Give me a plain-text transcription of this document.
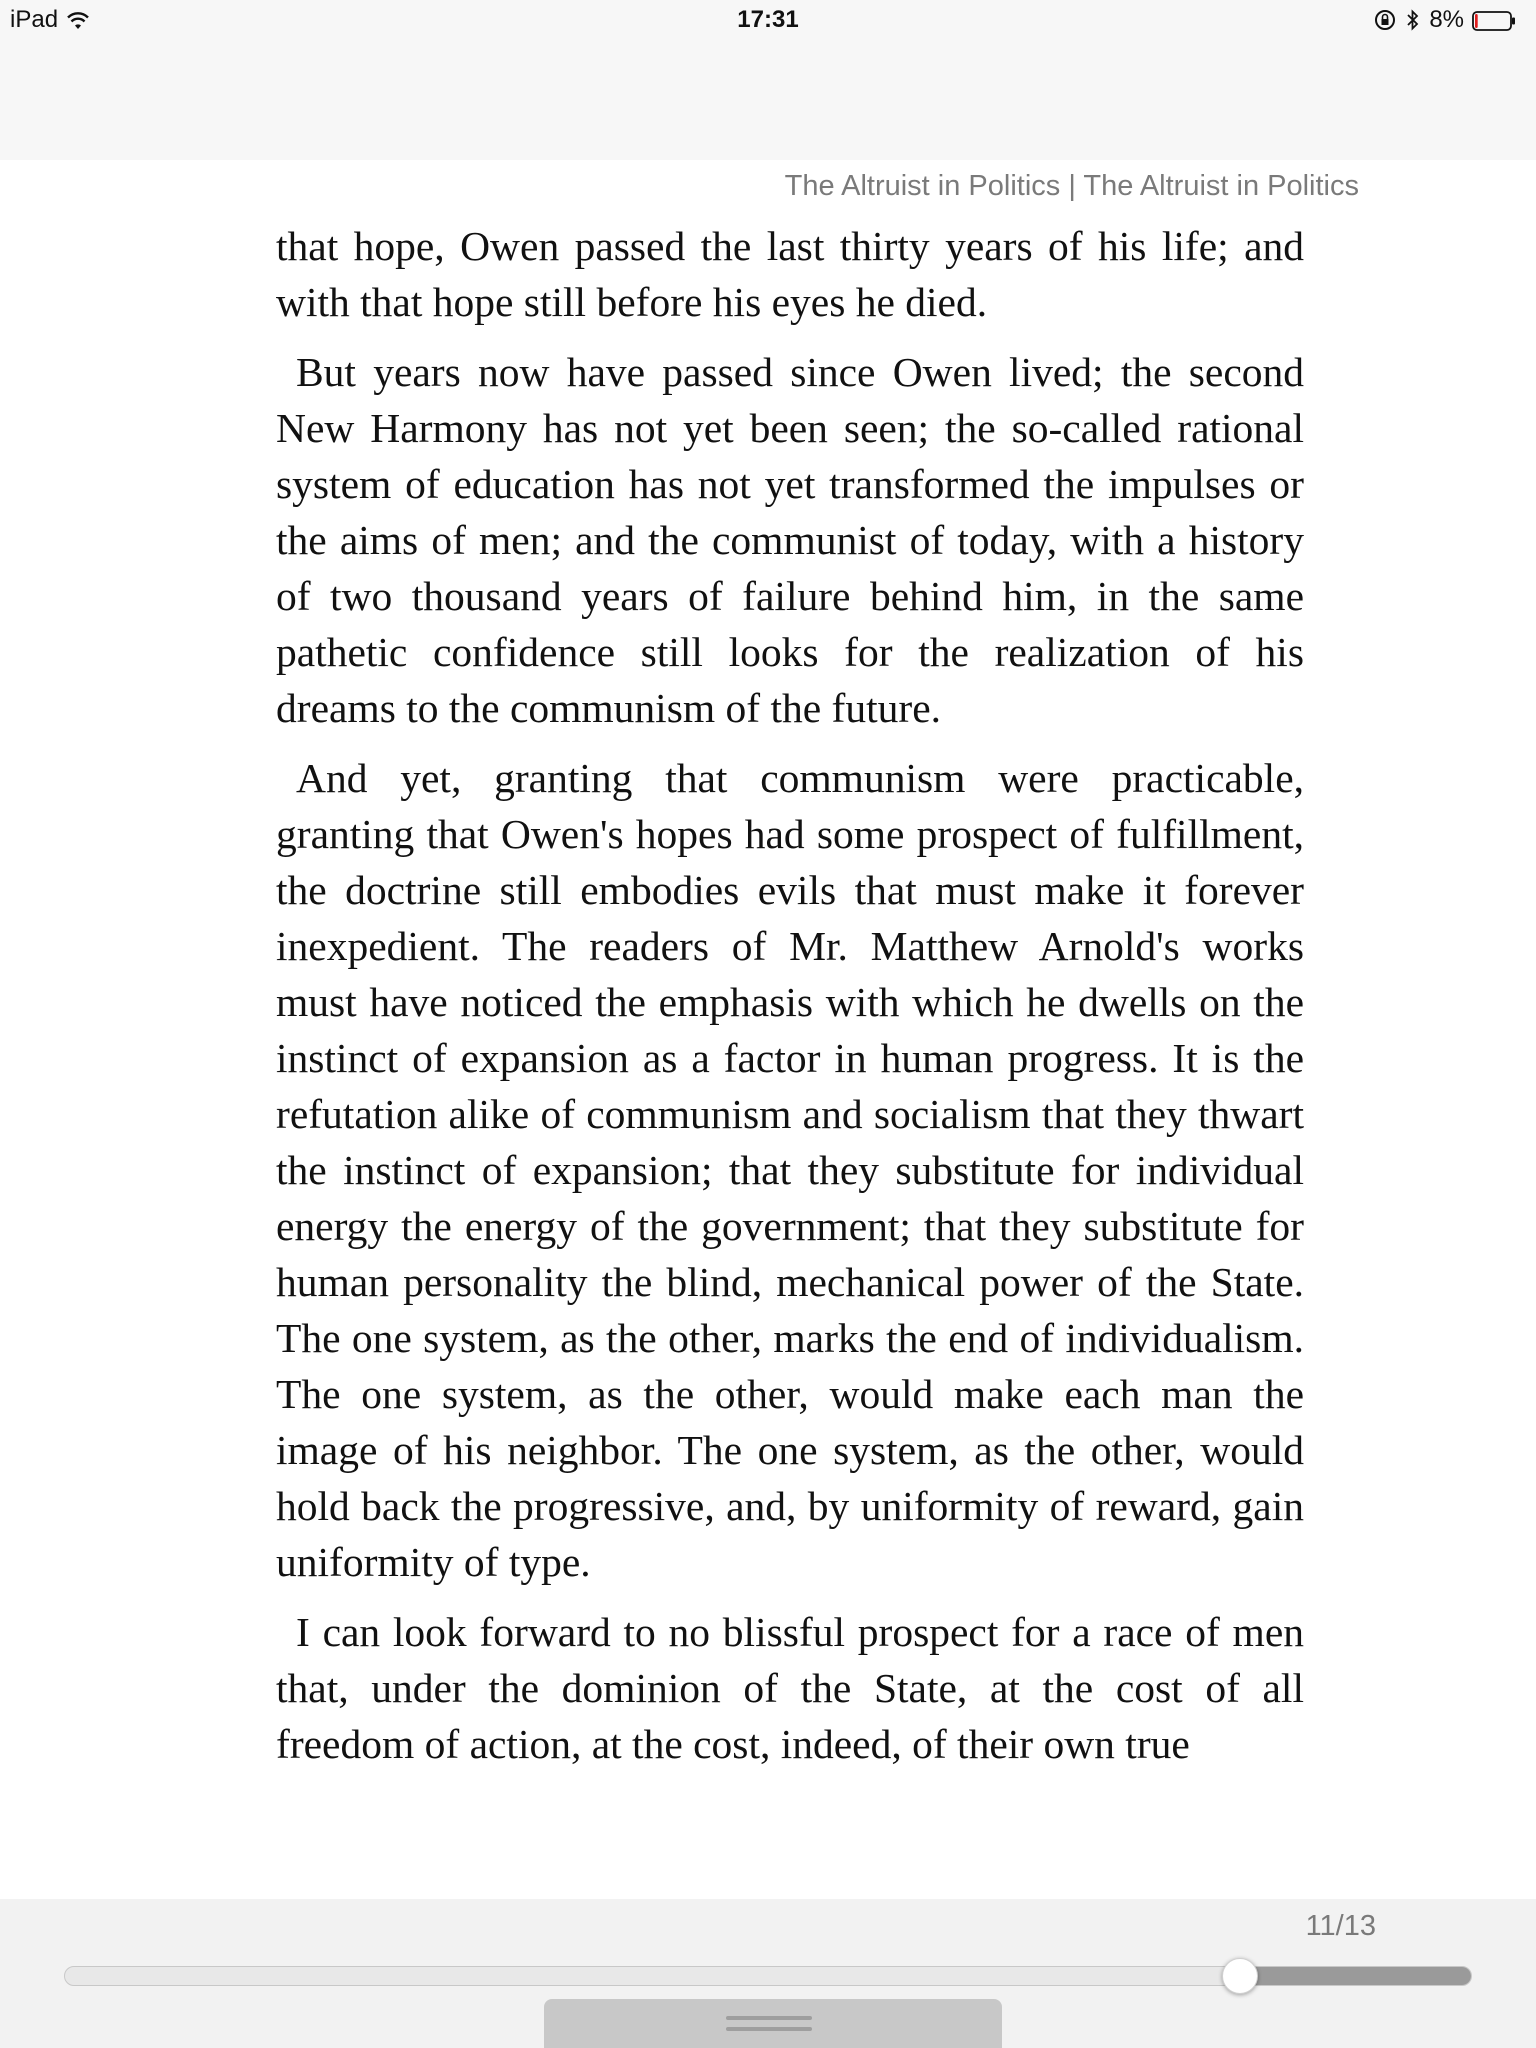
iPad	17:31	8%
The Altruist in Politics | The Altruist in Politics

that hope, Owen passed the last thirty years of his life; and with that hope still before his eyes he died.

But years now have passed since Owen lived; the second New Harmony has not yet been seen; the so-called rational system of education has not yet transformed the impulses or the aims of men; and the communist of today, with a history of two thousand years of failure behind him, in the same pathetic confidence still looks for the realization of his dreams to the communism of the future.

And yet, granting that communism were practicable, granting that Owen's hopes had some prospect of fulfillment, the doctrine still embodies evils that must make it forever inexpedient. The readers of Mr. Matthew Arnold's works must have noticed the emphasis with which he dwells on the instinct of expansion as a factor in human progress. It is the refutation alike of communism and socialism that they thwart the instinct of expansion; that they substitute for individual energy the energy of the government; that they substitute for human personality the blind, mechanical power of the State. The one system, as the other, marks the end of individualism. The one system, as the other, would make each man the image of his neighbor. The one system, as the other, would hold back the progressive, and, by uniformity of reward, gain uniformity of type.

I can look forward to no blissful prospect for a race of men that, under the dominion of the State, at the cost of all freedom of action, at the cost, indeed, of their own true

11/13
